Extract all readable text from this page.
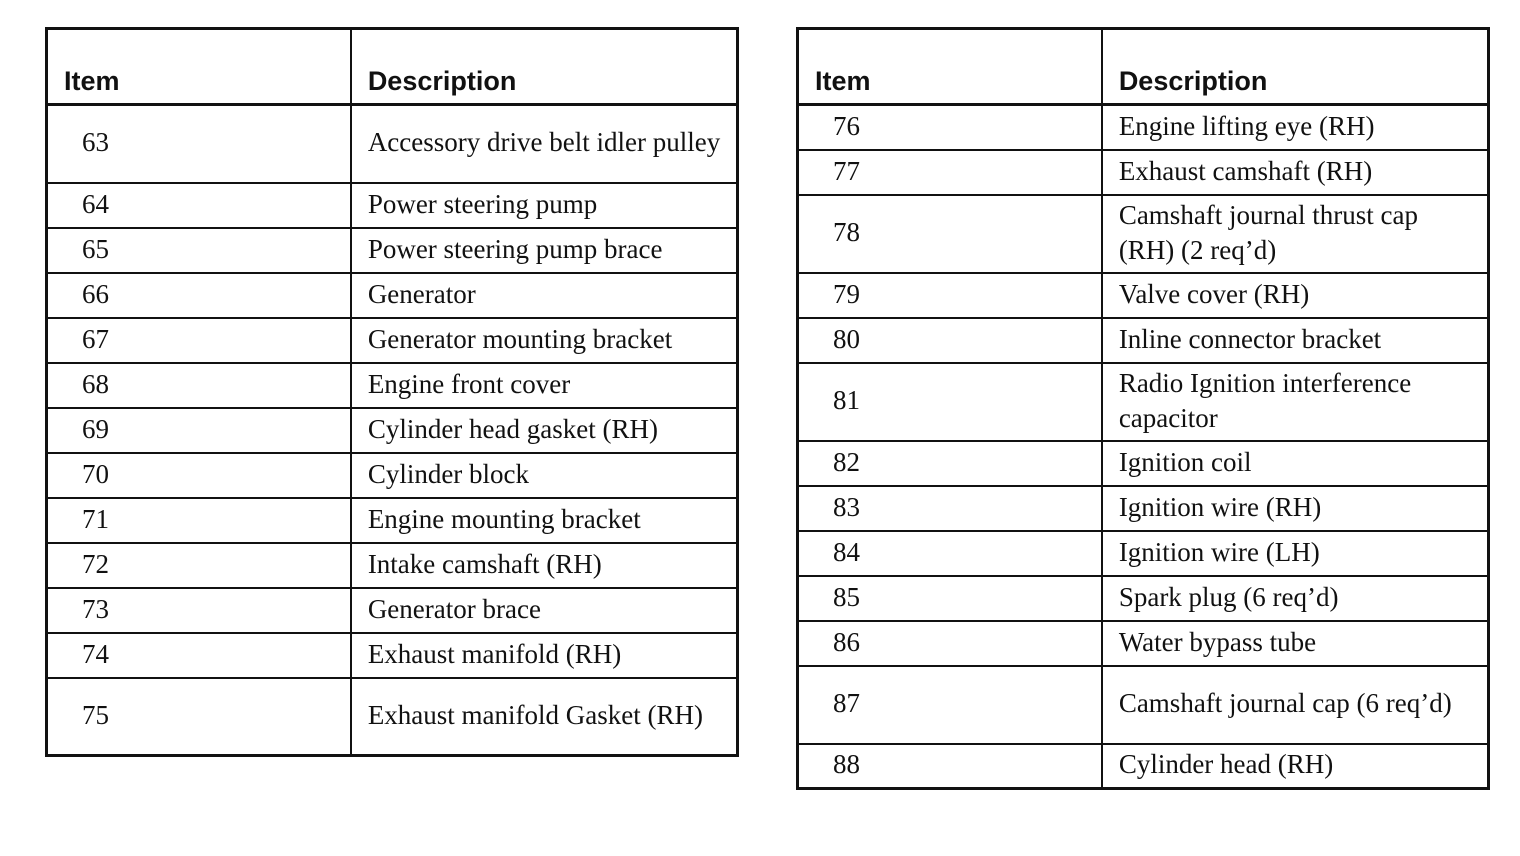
Item	Description
63	Accessory drive belt idler pulley
64	Power steering pump
65	Power steering pump brace
66	Generator
67	Generator mounting bracket
68	Engine front cover
69	Cylinder head gasket (RH)
70	Cylinder block
71	Engine mounting bracket
72	Intake camshaft (RH)
73	Generator brace
74	Exhaust manifold (RH)
75	Exhaust manifold Gasket (RH)
Item	Description
76	Engine lifting eye (RH)
77	Exhaust camshaft (RH)
78	Camshaft journal thrust cap (RH) (2 req’d)
79	Valve cover (RH)
80	Inline connector bracket
81	Radio Ignition interference capacitor
82	Ignition coil
83	Ignition wire (RH)
84	Ignition wire (LH)
85	Spark plug (6 req’d)
86	Water bypass tube
87	Camshaft journal cap (6 req’d)
88	Cylinder head (RH)
